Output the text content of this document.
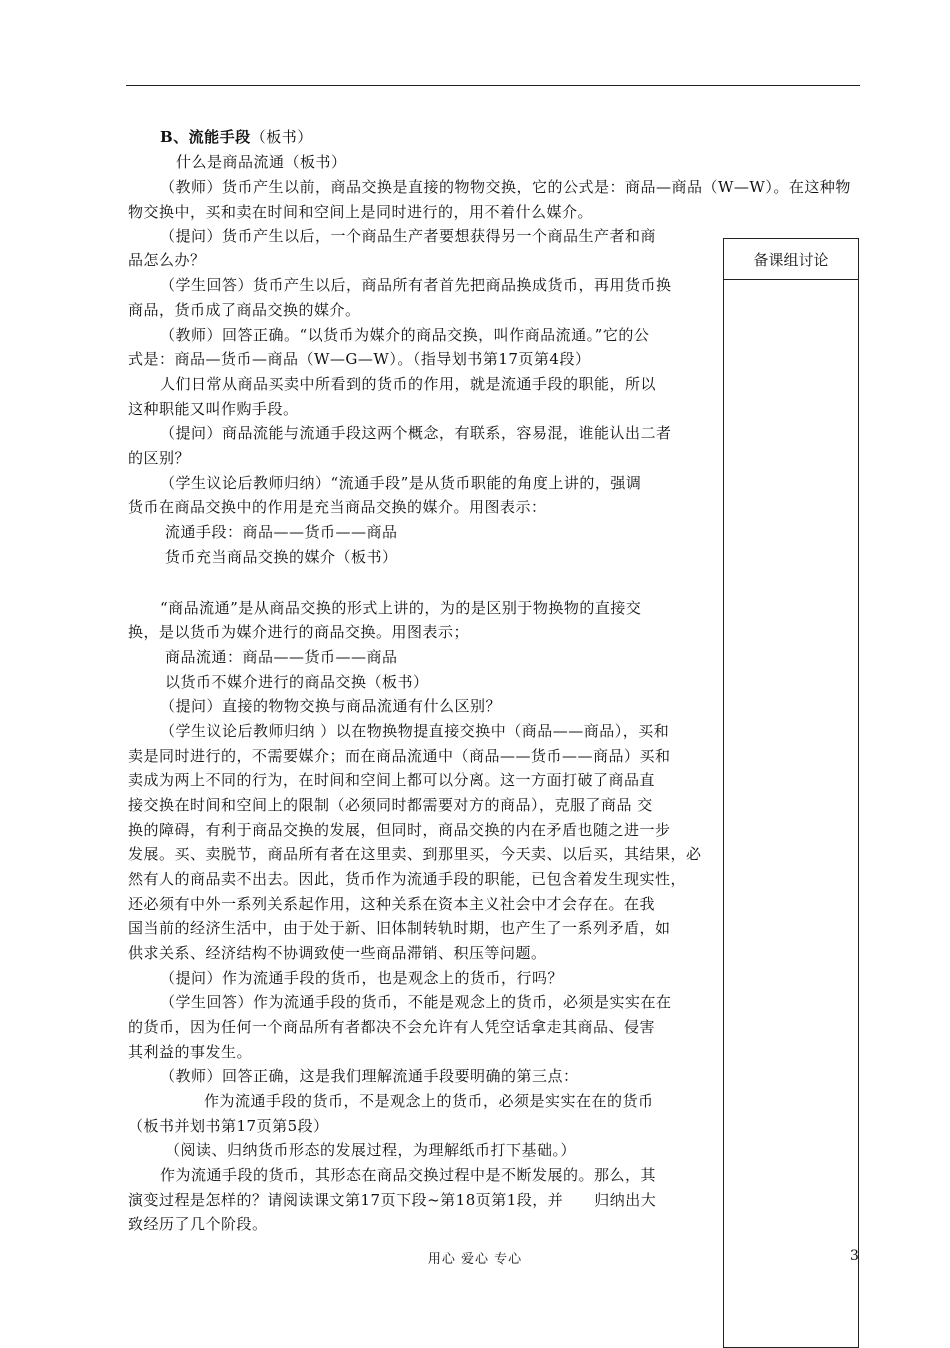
备课组讨论
B、流能手段（板书）
什么是商品流通（板书）
（教师）货币产生以前，商品交换是直接的物物交换，它的公式是：商品—商品（W—W）。在这种物
物交换中，买和卖在时间和空间上是同时进行的，用不着什么媒介。
（提问）货币产生以后，一个商品生产者要想获得另一个商品生产者和商
品怎么办？
（学生回答）货币产生以后，商品所有者首先把商品换成货币，再用货币换
商品，货币成了商品交换的媒介。
（教师）回答正确。“以货币为媒介的商品交换，叫作商品流通。”它的公
式是：商品—货币—商品（W—G—W）。（指导划书第17页第4段）
人们日常从商品买卖中所看到的货币的作用，就是流通手段的职能，所以
这种职能又叫作购手段。
（提问）商品流能与流通手段这两个概念，有联系，容易混，谁能认出二者
的区别？
（学生议论后教师归纳）“流通手段”是从货币职能的角度上讲的，强调
货币在商品交换中的作用是充当商品交换的媒介。用图表示：
流通手段：商品——货币——商品
货币充当商品交换的媒介（板书）
“商品流通”是从商品交换的形式上讲的，为的是区别于物换物的直接交
换，是以货币为媒介进行的商品交换。用图表示；
商品流通：商品——货币——商品
以货币不媒介进行的商品交换（板书）
（提问）直接的物物交换与商品流通有什么区别？
（学生议论后教师归纳 ）以在物换物提直接交换中（商品——商品），买和
卖是同时进行的，不需要媒介；而在商品流通中（商品——货币——商品）买和
卖成为两上不同的行为，在时间和空间上都可以分离。这一方面打破了商品直
接交换在时间和空间上的限制（必须同时都需要对方的商品），克服了商品 交
换的障碍，有利于商品交换的发展，但同时，商品交换的内在矛盾也随之进一步
发展。买、卖脱节，商品所有者在这里卖、到那里买，今天卖、以后买，其结果，必
然有人的商品卖不出去。因此，货币作为流通手段的职能，已包含着发生现实性，
还必须有中外一系列关系起作用，这种关系在资本主义社会中才会存在。在我
国当前的经济生活中，由于处于新、旧体制转轨时期，也产生了一系列矛盾，如
供求关系、经济结构不协调致使一些商品滞销、积压等问题。
（提问）作为流通手段的货币，也是观念上的货币，行吗？
（学生回答）作为流通手段的货币，不能是观念上的货币，必须是实实在在
的货币，因为任何一个商品所有者都决不会允许有人凭空话拿走其商品、侵害
其利益的事发生。
（教师）回答正确，这是我们理解流通手段要明确的第三点：
作为流通手段的货币，不是观念上的货币，必须是实实在在的货币
（板书并划书第17页第5段）
（阅读、归纳货币形态的发展过程，为理解纸币打下基础。）
作为流通手段的货币，其形态在商品交换过程中是不断发展的。那么，其
演变过程是怎样的？请阅读课文第17页下段~第18页第1段，并　　归纳出大
致经历了几个阶段。
用心 爱心 专心	3
